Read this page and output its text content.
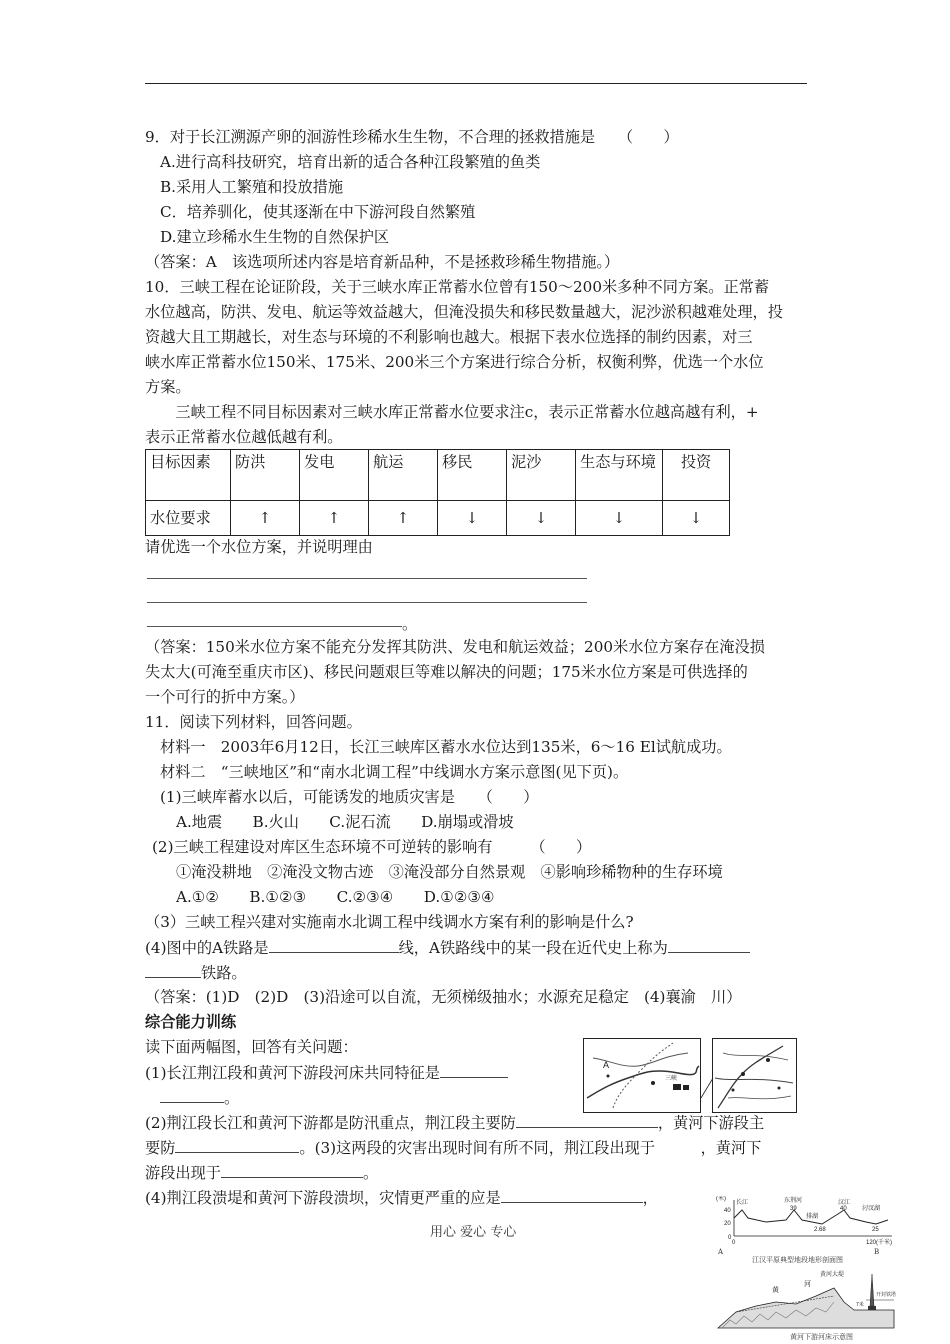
9．对于长江溯源产卵的洄游性珍稀水生生物，不合理的拯救措施是　　（　　）
A.进行高科技研究，培育出新的适合各种江段繁殖的鱼类
B.采用人工繁殖和投放措施
C．培养驯化，使其逐渐在中下游河段自然繁殖
D.建立珍稀水生生物的自然保护区
（答案：A　该选项所述内容是培育新品种，不是拯救珍稀生物措施。）
10．三峡工程在论证阶段，关于三峡水库正常蓄水位曾有150～200米多种不同方案。正常蓄
水位越高，防洪、发电、航运等效益越大，但淹没损失和移民数量越大，泥沙淤积越难处理，投
资越大且工期越长，对生态与环境的不利影响也越大。根据下表水位选择的制约因素，对三
峡水库正常蓄水位150米、175米、200米三个方案进行综合分析，权衡利弊，优选一个水位
方案。
　　三峡工程不同目标因素对三峡水库正常蓄水位要求注c，表示正常蓄水位越高越有利，+
表示正常蓄水位越低越有利。
目标因素	防洪	发电	航运	移民	泥沙	生态与环境	投资
水位要求	↑	↑	↑	↓	↓	↓	↓
请优选一个水位方案，并说明理由
。
（答案：150米水位方案不能充分发挥其防洪、发电和航运效益；200米水位方案存在淹没损
失太大(可淹至重庆市区)、移民问题艰巨等难以解决的问题；175米水位方案是可供选择的
一个可行的折中方案。）
11．阅读下列材料，回答问题。
材料一　2003年6月12日，长江三峡库区蓄水水位达到135米，6～16 El试航成功。
材料二　“三峡地区”和“南水北调工程”中线调水方案示意图(见下页)。
(1)三峡库蓄水以后，可能诱发的地质灾害是　　（　　）
A.地震　　B.火山　　C.泥石流　　D.崩塌或滑坡
(2)三峡工程建设对库区生态环境不可逆转的影响有　　　（　　）
①淹没耕地　②淹没文物古迹　③淹没部分自然景观　④影响珍稀物种的生存环境
A.①②　　B.①②③　　C.②③④　　D.①②③④
（3）三峡工程兴建对实施南水北调工程中线调水方案有利的影响是什么?
(4)图中的A铁路是	线，A铁路线中的某一段在近代史上称为
铁路。
（答案：(1)D　(2)D　(3)沿途可以自流，无须梯级抽水；水源充足稳定　(4)襄渝　川）
综合能力训练
读下面两幅图，回答有关问题：
(1)长江荆江段和黄河下游段河床共同特征是
。
(2)荆江段长江和黄河下游都是防汛重点，荆江段主要防	，黄河下游段主
要防	。(3)这两段的灾害出现时间有所不同，荆江段出现于　　　，黄河下
游段出现于	。
(4)荆江段溃堤和黄河下游段溃坝，灾情更严重的应是	，
A
三峡
(米)
40
20
0
长江	东荆河
排湖
汉江
汈汊湖
39	40
2.68	25
0	120 (千米)
A	B
江汉平原典型地段地形剖面图
黄
河
黄河大堤
开封铁塔
7米
黄河下游河床示意图
用心 爱心 专心
